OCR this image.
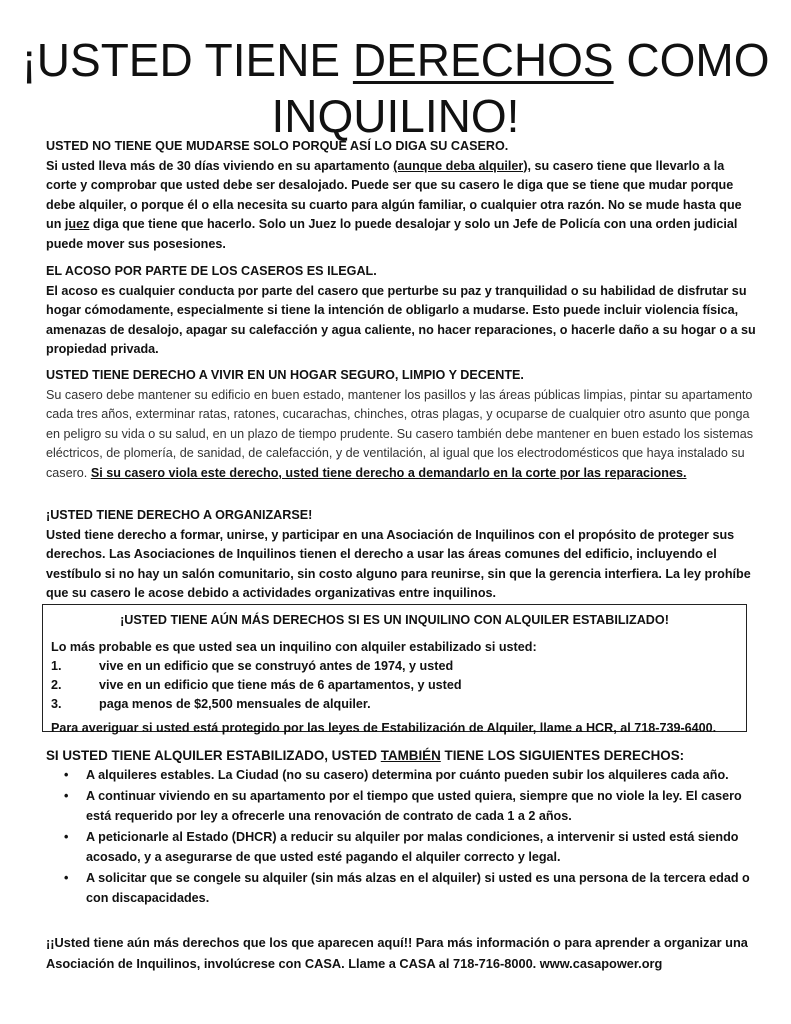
¡USTED TIENE DERECHOS COMO
INQUILINO!
USTED NO TIENE QUE MUDARSE SOLO PORQUE ASÍ LO DIGA SU CASERO.

Si usted lleva más de 30 días viviendo en su apartamento (aunque deba alquiler), su casero tiene que llevarlo a la corte y comprobar que usted debe ser desalojado. Puede ser que su casero le diga que se tiene que mudar porque debe alquiler, o porque él o ella necesita su cuarto para algún familiar, o cualquier otra razón. No se mude hasta que un juez diga que tiene que hacerlo. Solo un Juez lo puede desalojar y solo un Jefe de Policía con una orden judicial puede mover sus posesiones.

EL ACOSO POR PARTE DE LOS CASEROS ES ILEGAL.

El acoso es cualquier conducta por parte del casero que perturbe su paz y tranquilidad o su habilidad de disfrutar su hogar cómodamente, especialmente si tiene la intención de obligarlo a mudarse. Esto puede incluir violencia física, amenazas de desalojo, apagar su calefacción y agua caliente, no hacer reparaciones, o hacerle daño a su hogar o a su propiedad privada.

USTED TIENE DERECHO A VIVIR EN UN HOGAR SEGURO, LIMPIO Y DECENTE.

Su casero debe mantener su edificio en buen estado, mantener los pasillos y las áreas públicas limpias, pintar su apartamento cada tres años, exterminar ratas, ratones, cucarachas, chinches, otras plagas, y ocuparse de cualquier otro asunto que ponga en peligro su vida o su salud, en un plazo de tiempo prudente. Su casero también debe mantener en buen estado los sistemas eléctricos, de plomería, de sanidad, de calefacción, y de ventilación, al igual que los electrodomésticos que haya instalado su casero. Si su casero viola este derecho, usted tiene derecho a demandarlo en la corte por las reparaciones.

¡USTED TIENE DERECHO A ORGANIZARSE!

Usted tiene derecho a formar, unirse, y participar en una Asociación de Inquilinos con el propósito de proteger sus derechos. Las Asociaciones de Inquilinos tienen el derecho a usar las áreas comunes del edificio, incluyendo el vestíbulo si no hay un salón comunitario, sin costo alguno para reunirse, sin que la gerencia interfiera. La ley prohíbe que su casero le acose debido a actividades organizativas entre inquilinos.

¡USTED TIENE AÚN MÁS DERECHOS SI ES UN INQUILINO CON ALQUILER ESTABILIZADO!

Lo más probable es que usted sea un inquilino con alquiler estabilizado si usted:

1.	vive en un edificio que se construyó antes de 1974, y usted
2.	vive en un edificio que tiene más de 6 apartamentos, y usted
3.	paga menos de $2,500 mensuales de alquiler.

Para averiguar si usted está protegido por las leyes de Estabilización de Alquiler, llame a HCR, al 718-739-6400.

SI USTED TIENE ALQUILER ESTABILIZADO, USTED TAMBIÉN TIENE LOS SIGUIENTES DERECHOS:
• A alquileres estables. La Ciudad (no su casero) determina por cuánto pueden subir los alquileres cada año.
• A continuar viviendo en su apartamento por el tiempo que usted quiera, siempre que no viole la ley. El casero está requerido por ley a ofrecerle una renovación de contrato de cada 1 a 2 años.
• A peticionarle al Estado (DHCR) a reducir su alquiler por malas condiciones, a intervenir si usted está siendo acosado, y a asegurarse de que usted esté pagando el alquiler correcto y legal.
• A solicitar que se congele su alquiler (sin más alzas en el alquiler) si usted es una persona de la tercera edad o con discapacidades.

¡¡Usted tiene aún más derechos que los que aparecen aquí!! Para más información o para aprender a organizar una Asociación de Inquilinos, involúcrese con CASA. Llame a CASA al 718-716-8000. www.casapower.org
